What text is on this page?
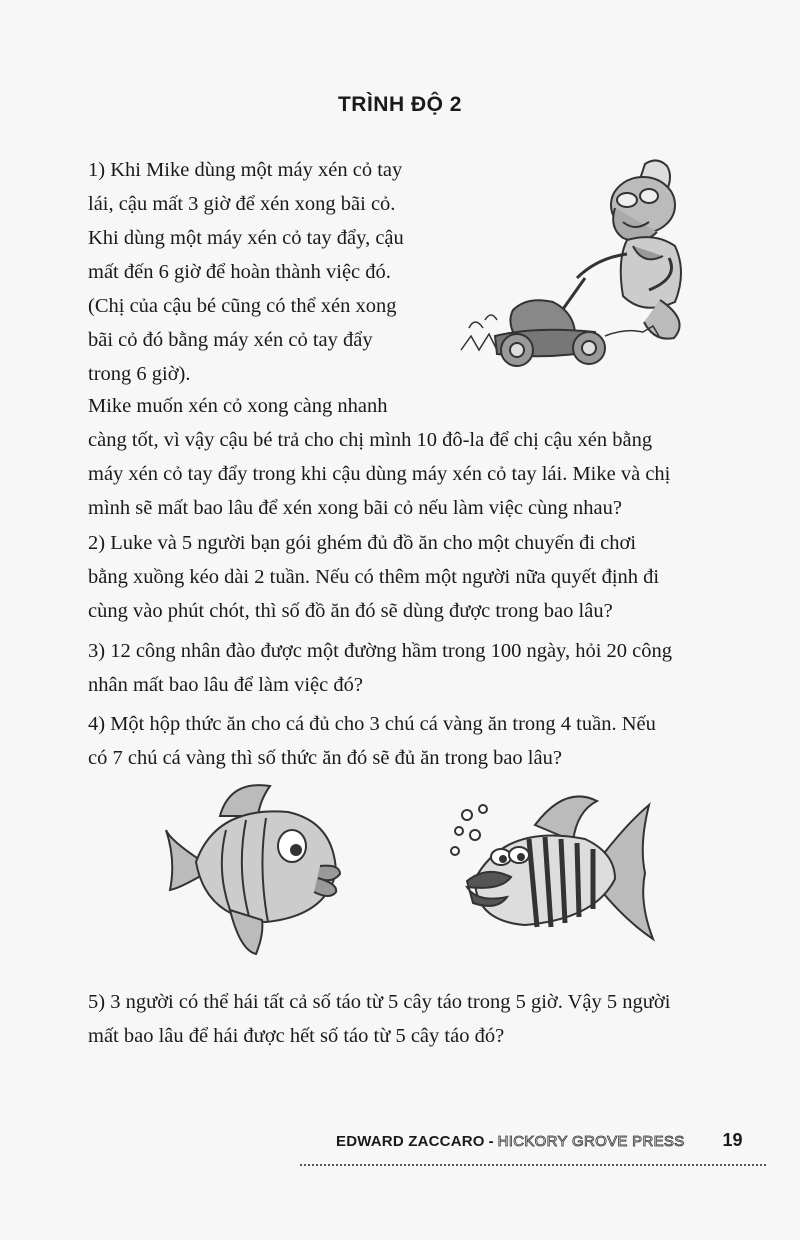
TRÌNH ĐỘ 2
1) Khi Mike dùng một máy xén cỏ tay
lái, cậu mất 3 giờ để xén xong bãi cỏ.
Khi dùng một máy xén cỏ tay đẩy, cậu
mất đến 6 giờ để hoàn thành việc đó.
(Chị của cậu bé cũng có thể xén xong
bãi cỏ đó bằng máy xén cỏ tay đẩy
trong 6 giờ).
Mike muốn xén cỏ xong càng nhanh
càng tốt, vì vậy cậu bé trả cho chị mình 10 đô-la để chị cậu xén bằng
máy xén cỏ tay đẩy trong khi cậu dùng máy xén cỏ tay lái. Mike và chị
mình sẽ mất bao lâu để xén xong bãi cỏ nếu làm việc cùng nhau?
2) Luke và 5 người bạn gói ghém đủ đồ ăn cho một chuyến đi chơi
bằng xuồng kéo dài 2 tuần. Nếu có thêm một người nữa quyết định đi
cùng vào phút chót, thì số đồ ăn đó sẽ dùng được trong bao lâu?
3) 12 công nhân đào được một đường hầm trong 100 ngày, hỏi 20 công
nhân mất bao lâu để làm việc đó?
4) Một hộp thức ăn cho cá đủ cho 3 chú cá vàng ăn trong 4 tuần. Nếu
có 7 chú cá vàng thì số thức ăn đó sẽ đủ ăn trong bao lâu?
5) 3 người có thể hái tất cả số táo từ 5 cây táo trong 5 giờ. Vậy 5 người
mất bao lâu để hái được hết số táo từ 5 cây táo đó?
EDWARD ZACCARO - HICKORY GROVE PRESS 19
